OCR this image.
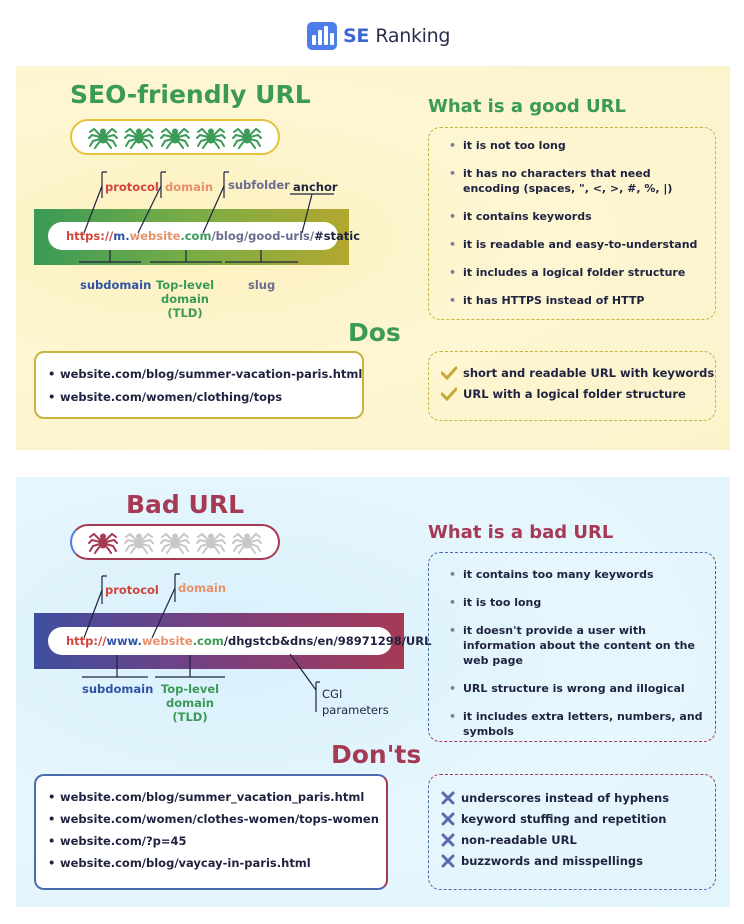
SE Ranking
SEO-friendly URL
https:// m. website .com /blog/ good-urls / #static
protocol domain subfolder anchor
subdomain Top-level
domain
(TLD)
slug
What is a good URL
• it is not too long
• it has no characters that need encoding (spaces, ", <, >, #, %, |)
• it contains keywords
• it is readable and easy-to-understand
• it includes a logical folder structure
• it has HTTPS instead of HTTP
Dos
• website.com/blog/summer-vacation-paris.html
• website.com/women/clothing/tops
short and readable URL with keywords
URL with a logical folder structure
Bad URL
http:// www. website .com /dhgstcb&dns/en/98971298/URL
protocol domain
subdomain Top-level
domain
(TLD)
CGI
parameters
What is a bad URL
• it contains too many keywords
• it is too long
• it doesn't provide a user with information about the content on the web page
• URL structure is wrong and illogical
• it includes extra letters, numbers, and symbols
Don'ts
• website.com/blog/summer_vacation_paris.html
• website.com/women/clothes-women/tops-women
• website.com/?p=45
• website.com/blog/vaycay-in-paris.html
underscores instead of hyphens
keyword stuffing and repetition
non-readable URL
buzzwords and misspellings
